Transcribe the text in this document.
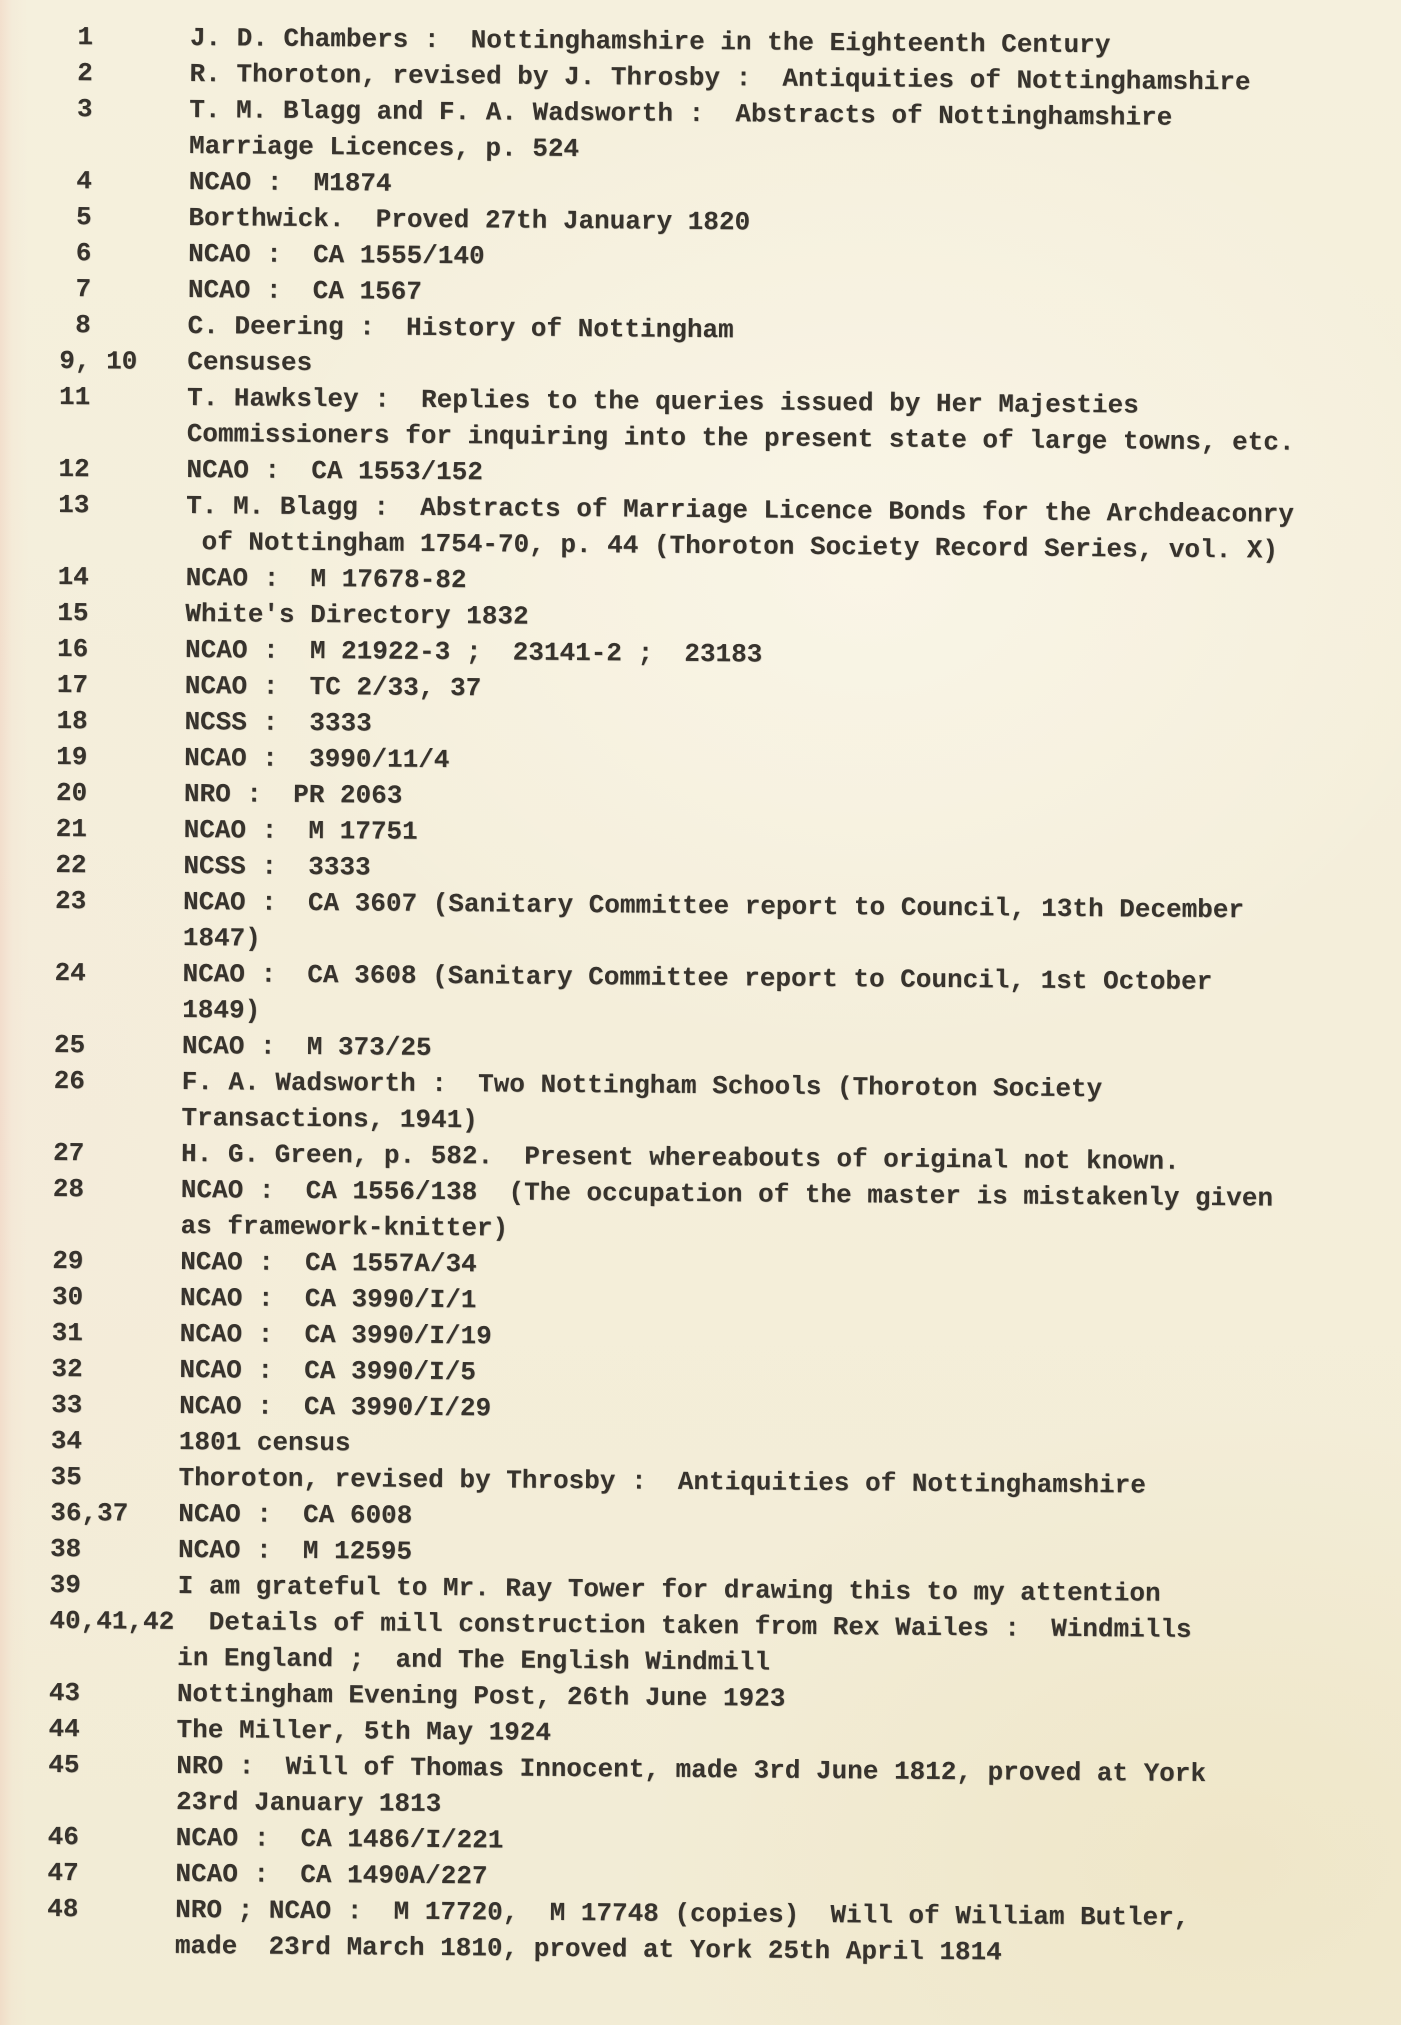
1	J. D. Chambers :  Nottinghamshire in the Eighteenth Century
2	R. Thoroton, revised by J. Throsby :  Antiquities of Nottinghamshire
3	T. M. Blagg and F. A. Wadsworth :  Abstracts of Nottinghamshire
Marriage Licences, p. 524
4	NCAO :  M1874
5	Borthwick.  Proved 27th January 1820
6	NCAO :  CA 1555/140
7	NCAO :  CA 1567
8	C. Deering :  History of Nottingham
9, 10	Censuses
11	T. Hawksley :  Replies to the queries issued by Her Majesties
Commissioners for inquiring into the present state of large towns, etc.
12	NCAO :  CA 1553/152
13	T. M. Blagg :  Abstracts of Marriage Licence Bonds for the Archdeaconry
of Nottingham 1754-70, p. 44 (Thoroton Society Record Series, vol. X)
14	NCAO :  M 17678-82
15	White's Directory 1832
16	NCAO :  M 21922-3 ;  23141-2 ;  23183
17	NCAO :  TC 2/33, 37
18	NCSS :  3333
19	NCAO :  3990/11/4
20	NRO :  PR 2063
21	NCAO :  M 17751
22	NCSS :  3333
23	NCAO :  CA 3607 (Sanitary Committee report to Council, 13th December
1847)
24	NCAO :  CA 3608 (Sanitary Committee report to Council, 1st October
1849)
25	NCAO :  M 373/25
26	F. A. Wadsworth :  Two Nottingham Schools (Thoroton Society
Transactions, 1941)
27	H. G. Green, p. 582.  Present whereabouts of original not known.
28	NCAO :  CA 1556/138  (The occupation of the master is mistakenly given
as framework-knitter)
29	NCAO :  CA 1557A/34
30	NCAO :  CA 3990/I/1
31	NCAO :  CA 3990/I/19
32	NCAO :  CA 3990/I/5
33	NCAO :  CA 3990/I/29
34	1801 census
35	Thoroton, revised by Throsby :  Antiquities of Nottinghamshire
36,37	NCAO :  CA 6008
38	NCAO :  M 12595
39	I am grateful to Mr. Ray Tower for drawing this to my attention
40,41,42 Details of mill construction taken from Rex Wailes :  Windmills
in England ;  and The English Windmill
43	Nottingham Evening Post, 26th June 1923
44	The Miller, 5th May 1924
45	NRO :  Will of Thomas Innocent, made 3rd June 1812, proved at York
23rd January 1813
46	NCAO :  CA 1486/I/221
47	NCAO :  CA 1490A/227
48	NRO ; NCAO :  M 17720,  M 17748 (copies)  Will of William Butler,
made  23rd March 1810, proved at York 25th April 1814
